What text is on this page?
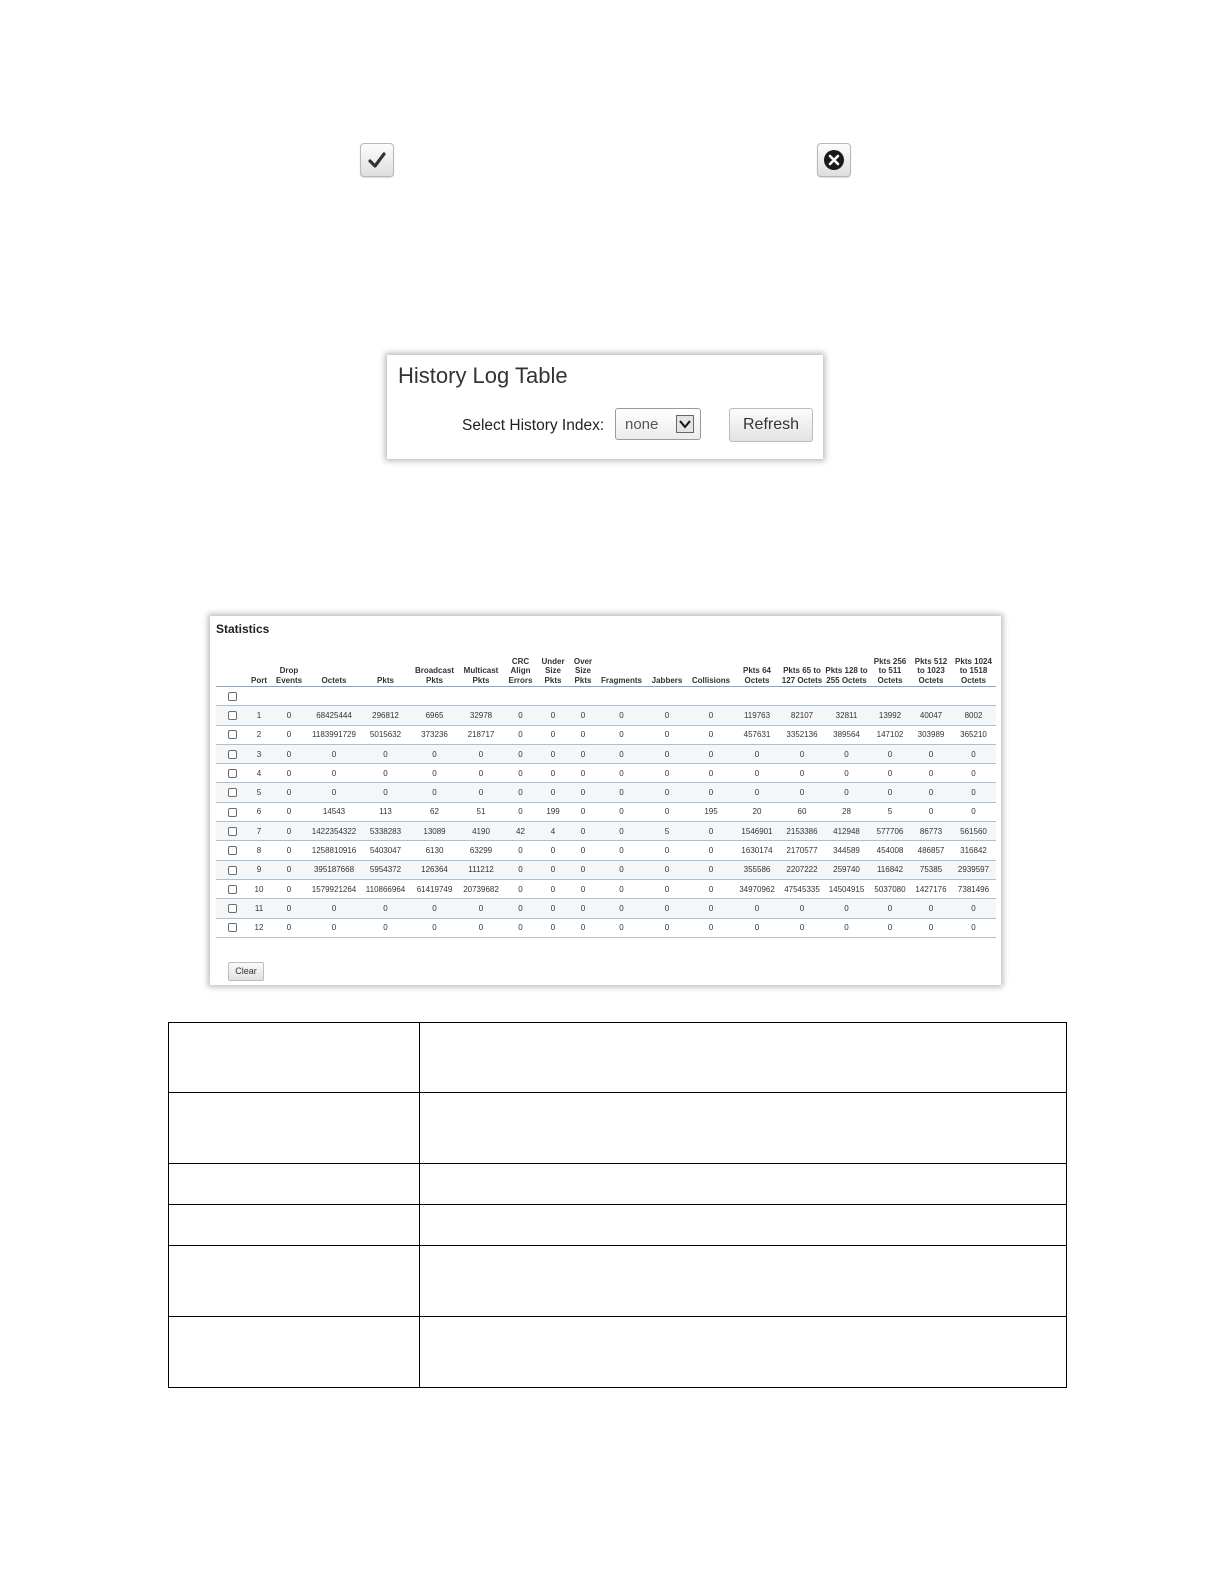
History Log Table
Select History Index: none	Refresh
Statistics
	Port	Drop Events	Octets	Pkts	Broadcast Pkts	Multicast Pkts	CRC Align Errors	Under Size Pkts	Over Size Pkts	Fragments	Jabbers	Collisions	Pkts 64 Octets	Pkts 65 to 127 Octets	Pkts 128 to 255 Octets	Pkts 256 to 511 Octets	Pkts 512 to 1023 Octets	Pkts 1024 to 1518 Octets

	1	0	68425444	296812	6965	32978	0	0	0	0	0	0	119763	82107	32811	13992	40047	8002
	2	0	1183991729	5015632	373236	218717	0	0	0	0	0	0	457631	3352136	389564	147102	303989	365210
	3	0	0	0	0	0	0	0	0	0	0	0	0	0	0	0	0	0
	4	0	0	0	0	0	0	0	0	0	0	0	0	0	0	0	0	0
	5	0	0	0	0	0	0	0	0	0	0	0	0	0	0	0	0	0
	6	0	14543	113	62	51	0	199	0	0	0	195	20	60	28	5	0	0
	7	0	1422354322	5338283	13089	4190	42	4	0	0	5	0	1546901	2153386	412948	577706	86773	561560
	8	0	1258810916	5403047	6130	63299	0	0	0	0	0	0	1630174	2170577	344589	454008	486857	316842
	9	0	395187668	5954372	126364	111212	0	0	0	0	0	0	355586	2207222	259740	116842	75385	2939597
	10	0	1579921264	110866964	61419749	20739682	0	0	0	0	0	0	34970962	47545335	14504915	5037080	1427176	7381496
	11	0	0	0	0	0	0	0	0	0	0	0	0	0	0	0	0	0
	12	0	0	0	0	0	0	0	0	0	0	0	0	0	0	0	0	0
Clear
